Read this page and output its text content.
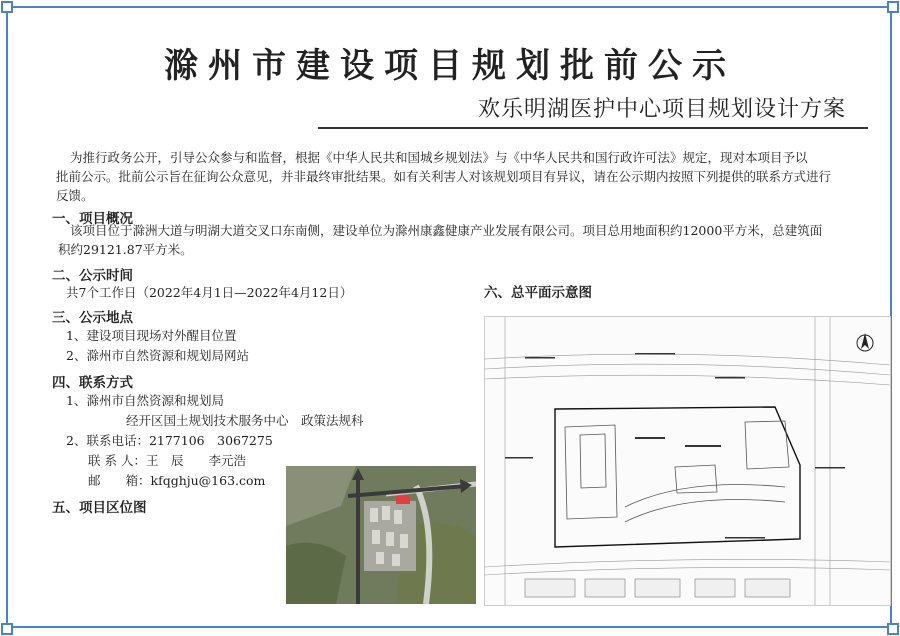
滁州市建设项目规划批前公示
欢乐明湖医护中心项目规划设计方案
为推行政务公开，引导公众参与和监督，根据《中华人民共和国城乡规划法》与《中华人民共和国行政许可法》规定，现对本项目予以
批前公示。批前公示旨在征询公众意见，并非最终审批结果。如有关利害人对该规划项目有异议，请在公示期内按照下列提供的联系方式进行
反馈。
一、项目概况
该项目位于滁洲大道与明湖大道交叉口东南侧，建设单位为滁州康鑫健康产业发展有限公司。项目总用地面积约12000平方米，总建筑面
积约29121.87平方米。
二、公示时间
共7个工作日（2022年4月1日—2022年4月12日）
三、公示地点
1、建设项目现场对外醒目位置
2、滁州市自然资源和规划局网站
四、联系方式
1、滁州市自然资源和规划局
经开区国土规划技术服务中心　政策法规科
2、联系电话：2177106　3067275
联 系 人：王　辰　　李元浩
邮　　箱：kfqghju@163.com
五、项目区位图
六、总平面示意图
